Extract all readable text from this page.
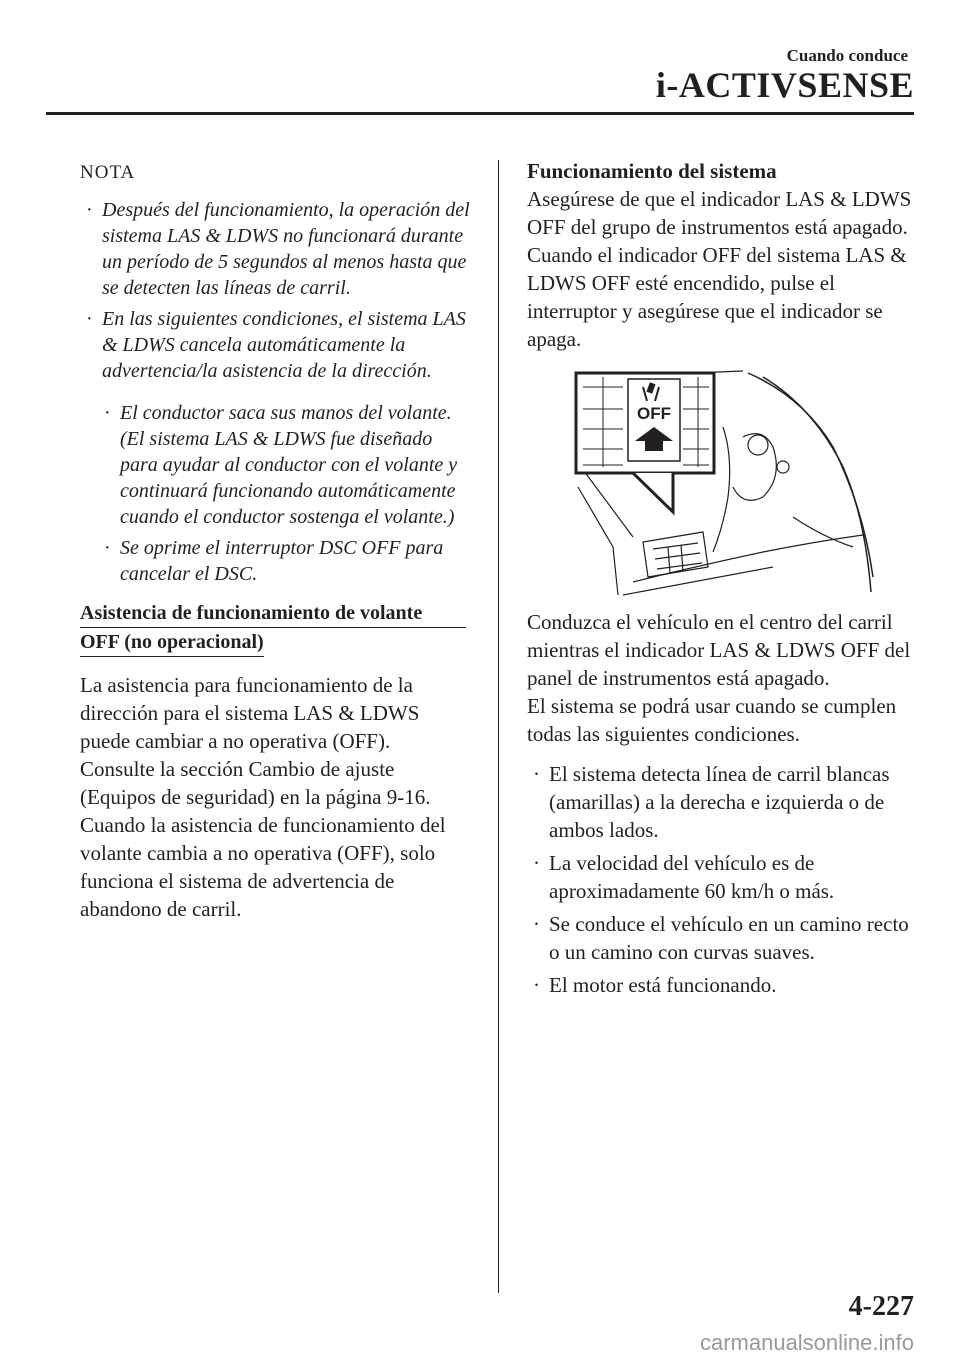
Cuando conduce
i-ACTIVSENSE

NOTA

· Después del funcionamiento, la operación del sistema LAS & LDWS no funcionará durante un período de 5 segundos al menos hasta que se detecten las líneas de carril.

· En las siguientes condiciones, el sistema LAS & LDWS cancela automáticamente la advertencia/la asistencia de la dirección.

· El conductor saca sus manos del volante.
(El sistema LAS & LDWS fue diseñado para ayudar al conductor con el volante y continuará funcionando automáticamente cuando el conductor sostenga el volante.)

· Se oprime el interruptor DSC OFF para cancelar el DSC.

Asistencia de funcionamiento de volante

OFF (no operacional)

La asistencia para funcionamiento de la dirección para el sistema LAS & LDWS puede cambiar a no operativa (OFF).

Consulte la sección Cambio de ajuste (Equipos de seguridad) en la página 9-16.

Cuando la asistencia de funcionamiento del volante cambia a no operativa (OFF), solo funciona el sistema de advertencia de abandono de carril.

Funcionamiento del sistema

Asegúrese de que el indicador LAS & LDWS OFF del grupo de instrumentos está apagado. Cuando el indicador OFF del sistema LAS & LDWS OFF esté encendido, pulse el interruptor y asegúrese que el indicador se apaga.

OFF

Conduzca el vehículo en el centro del carril mientras el indicador LAS & LDWS OFF del panel de instrumentos está apagado.

El sistema se podrá usar cuando se cumplen todas las siguientes condiciones.

· El sistema detecta línea de carril blancas (amarillas) a la derecha e izquierda o de ambos lados.

· La velocidad del vehículo es de aproximadamente 60 km/h o más.

· Se conduce el vehículo en un camino recto o un camino con curvas suaves.

· El motor está funcionando.

4-227
carmanualsonline.info
